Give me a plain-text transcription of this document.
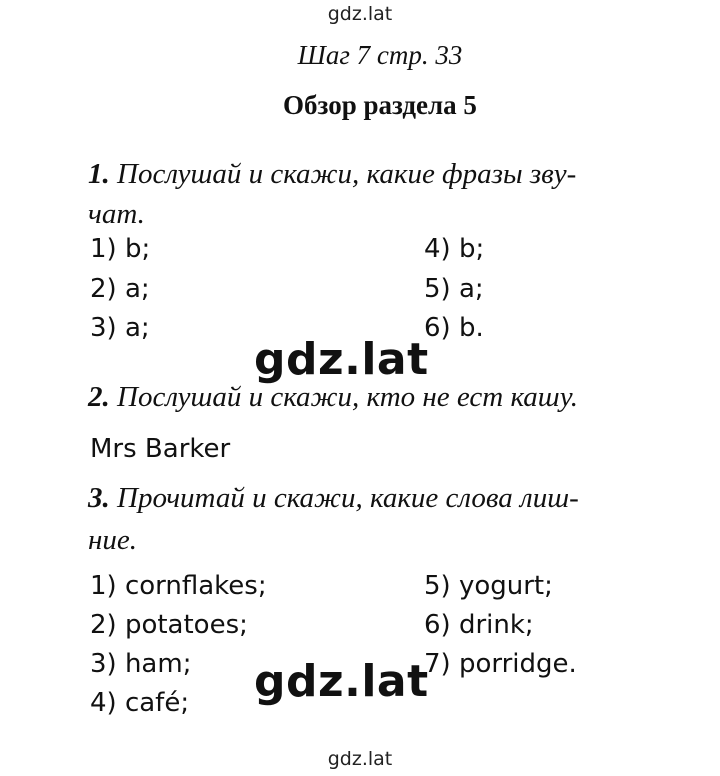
gdz.lat
Шаг 7 стр. 33
Обзор раздела 5
1. Послушай и скажи, какие фразы зву-
чат.
1) b;
2) a;
3) a;
4) b;
5) a;
6) b.
gdz.lat
2. Послушай и скажи, кто не ест кашу.
Mrs Barker
3. Прочитай и скажи, какие слова лиш-
ние.
1) cornflakes;
2) potatoes;
3) ham;
4) café;
5) yogurt;
6) drink;
7) porridge.
gdz.lat
gdz.lat
